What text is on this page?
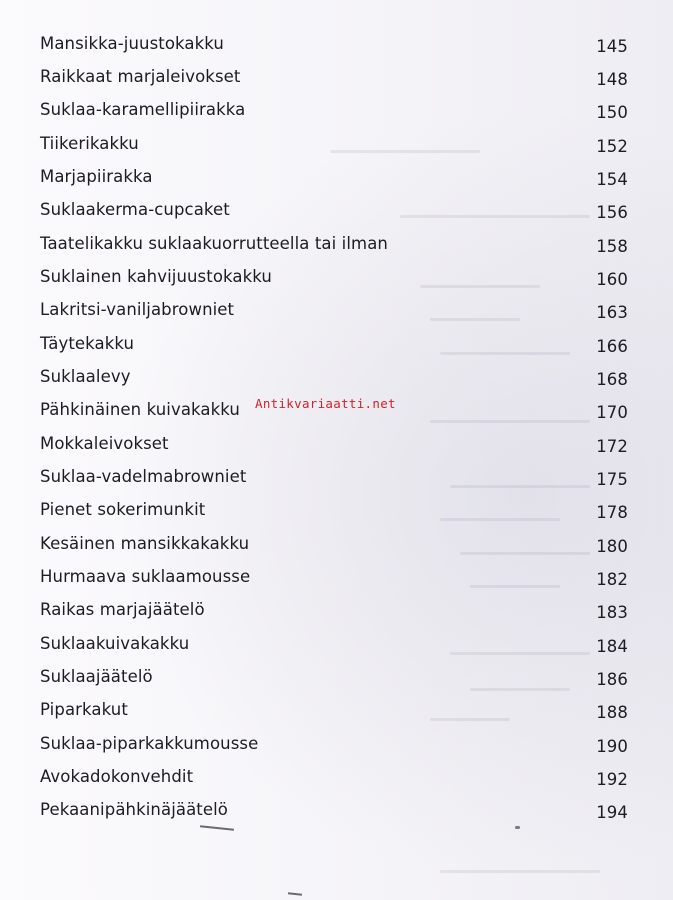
Mansikka-juustokakku	145
Raikkaat marjaleivokset	148
Suklaa-karamellipiirakka	150
Tiikerikakku	152
Marjapiirakka	154
Suklaakerma-cupcaket	156
Taatelikakku suklaakuorrutteella tai ilman	158
Suklainen kahvijuustokakku	160
Lakritsi-vaniljabrowniet	163
Täytekakku	166
Suklaalevy	168
Pähkinäinen kuivakakku	170
Mokkaleivokset	172
Suklaa-vadelmabrowniet	175
Pienet sokerimunkit	178
Kesäinen mansikkakakku	180
Hurmaava suklaamousse	182
Raikas marjajäätelö	183
Suklaakuivakakku	184
Suklaajäätelö	186
Piparkakut	188
Suklaa-piparkakkumousse	190
Avokadokonvehdit	192
Pekaanipähkinäjäätelö	194
Antikvariaatti.net
